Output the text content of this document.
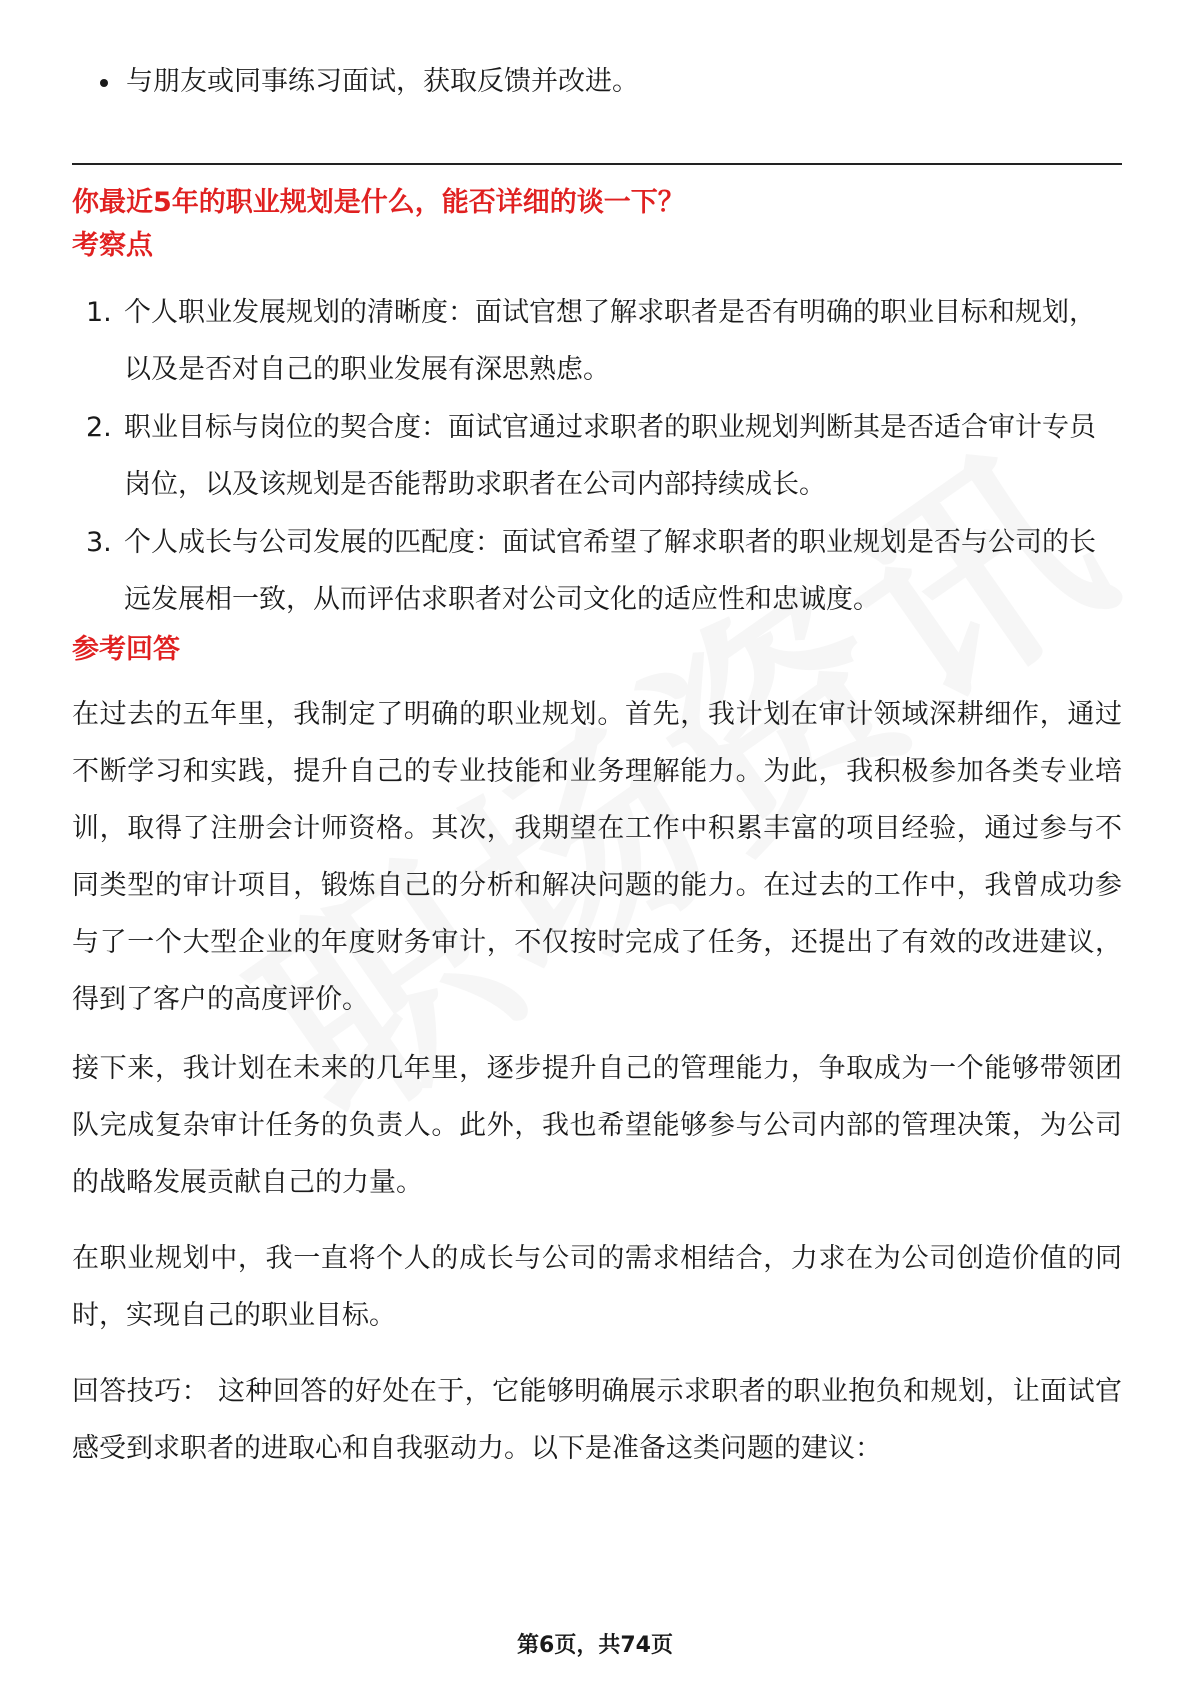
与朋友或同事练习面试，获取反馈并改进。
你最近5年的职业规划是什么，能否详细的谈一下？
考察点
1. 个人职业发展规划的清晰度：面试官想了解求职者是否有明确的职业目标和规划，以及是否对自己的职业发展有深思熟虑。
2. 职业目标与岗位的契合度：面试官通过求职者的职业规划判断其是否适合审计专员岗位，以及该规划是否能帮助求职者在公司内部持续成长。
3. 个人成长与公司发展的匹配度：面试官希望了解求职者的职业规划是否与公司的长远发展相一致，从而评估求职者对公司文化的适应性和忠诚度。
参考回答
在过去的五年里，我制定了明确的职业规划。首先，我计划在审计领域深耕细作，通过不断学习和实践，提升自己的专业技能和业务理解能力。为此，我积极参加各类专业培训，取得了注册会计师资格。其次，我期望在工作中积累丰富的项目经验，通过参与不同类型的审计项目，锻炼自己的分析和解决问题的能力。在过去的工作中，我曾成功参与了一个大型企业的年度财务审计，不仅按时完成了任务，还提出了有效的改进建议，得到了客户的高度评价。
接下来，我计划在未来的几年里，逐步提升自己的管理能力，争取成为一个能够带领团队完成复杂审计任务的负责人。此外，我也希望能够参与公司内部的管理决策，为公司的战略发展贡献自己的力量。
在职业规划中，我一直将个人的成长与公司的需求相结合，力求在为公司创造价值的同时，实现自己的职业目标。
回答技巧： 这种回答的好处在于，它能够明确展示求职者的职业抱负和规划，让面试官感受到求职者的进取心和自我驱动力。以下是准备这类问题的建议：
第6页，共74页
